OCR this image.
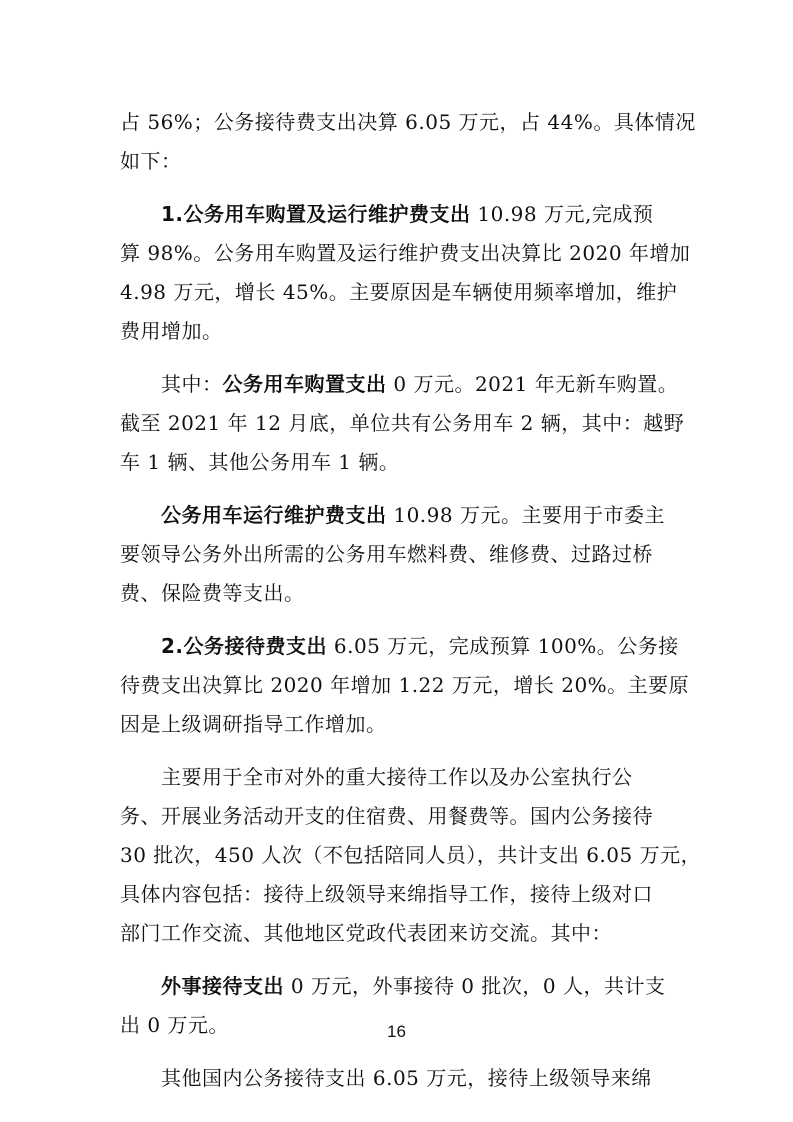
占 56%；公务接待费支出决算 6.05 万元，占 44%。具体情况
如下：
1.公务用车购置及运行维护费支出 10.98 万元,完成预
算 98%。公务用车购置及运行维护费支出决算比 2020 年增加
4.98 万元，增长 45%。主要原因是车辆使用频率增加，维护
费用增加。
其中：公务用车购置支出 0 万元。2021 年无新车购置。
截至 2021 年 12 月底，单位共有公务用车 2 辆，其中：越野
车 1 辆、其他公务用车 1 辆。
公务用车运行维护费支出 10.98 万元。主要用于市委主
要领导公务外出所需的公务用车燃料费、维修费、过路过桥
费、保险费等支出。
2.公务接待费支出 6.05 万元，完成预算 100%。公务接
待费支出决算比 2020 年增加 1.22 万元，增长 20%。主要原
因是上级调研指导工作增加。
主要用于全市对外的重大接待工作以及办公室执行公
务、开展业务活动开支的住宿费、用餐费等。国内公务接待
30 批次，450 人次（不包括陪同人员），共计支出 6.05 万元，
具体内容包括：接待上级领导来绵指导工作，接待上级对口
部门工作交流、其他地区党政代表团来访交流。其中：
外事接待支出 0 万元，外事接待 0 批次，0 人，共计支
出 0 万元。
其他国内公务接待支出 6.05 万元，接待上级领导来绵
16
